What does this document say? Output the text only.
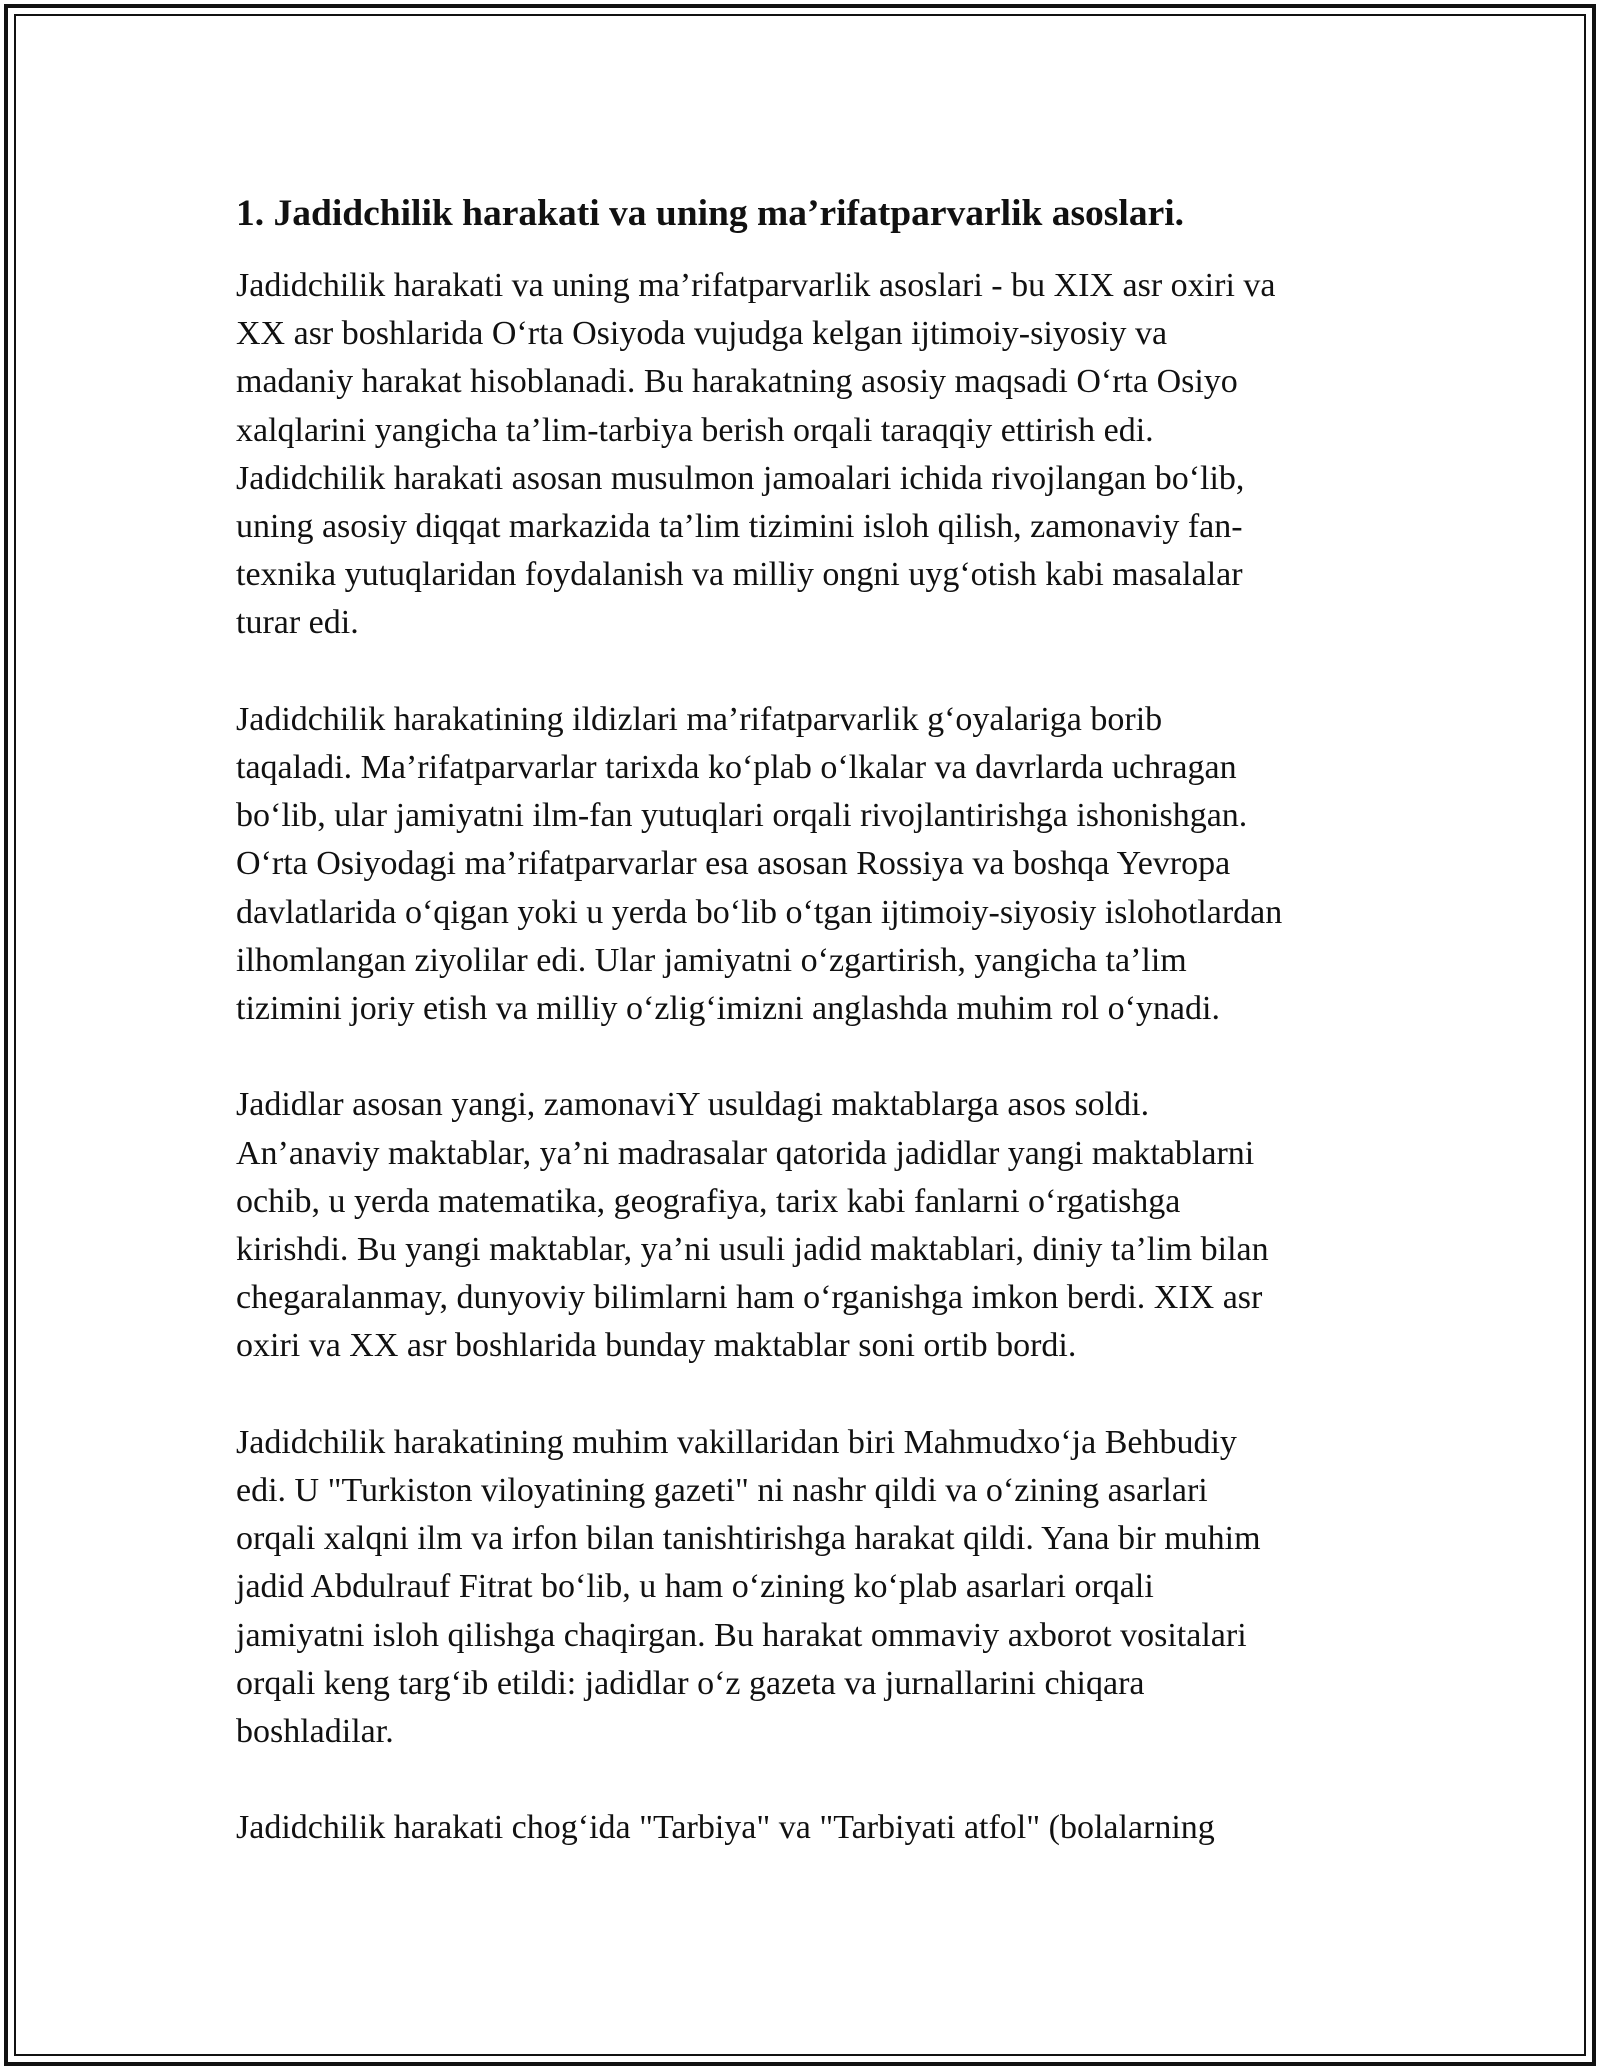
1. Jadidchilik harakati va uning ma’rifatparvarlik asoslari.

Jadidchilik harakati va uning ma’rifatparvarlik asoslari - bu XIX asr oxiri va
XX asr boshlarida O‘rta Osiyoda vujudga kelgan ijtimoiy-siyosiy va
madaniy harakat hisoblanadi. Bu harakatning asosiy maqsadi O‘rta Osiyo
xalqlarini yangicha ta’lim-tarbiya berish orqali taraqqiy ettirish edi.
Jadidchilik harakati asosan musulmon jamoalari ichida rivojlangan bo‘lib,
uning asosiy diqqat markazida ta’lim tizimini isloh qilish, zamonaviy fan-
texnika yutuqlaridan foydalanish va milliy ongni uyg‘otish kabi masalalar
turar edi.

Jadidchilik harakatining ildizlari ma’rifatparvarlik g‘oyalariga borib
taqaladi. Ma’rifatparvarlar tarixda ko‘plab o‘lkalar va davrlarda uchragan
bo‘lib, ular jamiyatni ilm-fan yutuqlari orqali rivojlantirishga ishonishgan.
O‘rta Osiyodagi ma’rifatparvarlar esa asosan Rossiya va boshqa Yevropa
davlatlarida o‘qigan yoki u yerda bo‘lib o‘tgan ijtimoiy-siyosiy islohotlardan
ilhomlangan ziyolilar edi. Ular jamiyatni o‘zgartirish, yangicha ta’lim
tizimini joriy etish va milliy o‘zlig‘imizni anglashda muhim rol o‘ynadi.

Jadidlar asosan yangi, zamonaviY usuldagi maktablarga asos soldi.
An’anaviy maktablar, ya’ni madrasalar qatorida jadidlar yangi maktablarni
ochib, u yerda matematika, geografiya, tarix kabi fanlarni o‘rgatishga
kirishdi. Bu yangi maktablar, ya’ni usuli jadid maktablari, diniy ta’lim bilan
chegaralanmay, dunyoviy bilimlarni ham o‘rganishga imkon berdi. XIX asr
oxiri va XX asr boshlarida bunday maktablar soni ortib bordi.

Jadidchilik harakatining muhim vakillaridan biri Mahmudxo‘ja Behbudiy
edi. U "Turkiston viloyatining gazeti" ni nashr qildi va o‘zining asarlari
orqali xalqni ilm va irfon bilan tanishtirishga harakat qildi. Yana bir muhim
jadid Abdulrauf Fitrat bo‘lib, u ham o‘zining ko‘plab asarlari orqali
jamiyatni isloh qilishga chaqirgan. Bu harakat ommaviy axborot vositalari
orqali keng targ‘ib etildi: jadidlar o‘z gazeta va jurnallarini chiqara
boshladilar.

Jadidchilik harakati chog‘ida "Tarbiya" va "Tarbiyati atfol" (bolalarning
